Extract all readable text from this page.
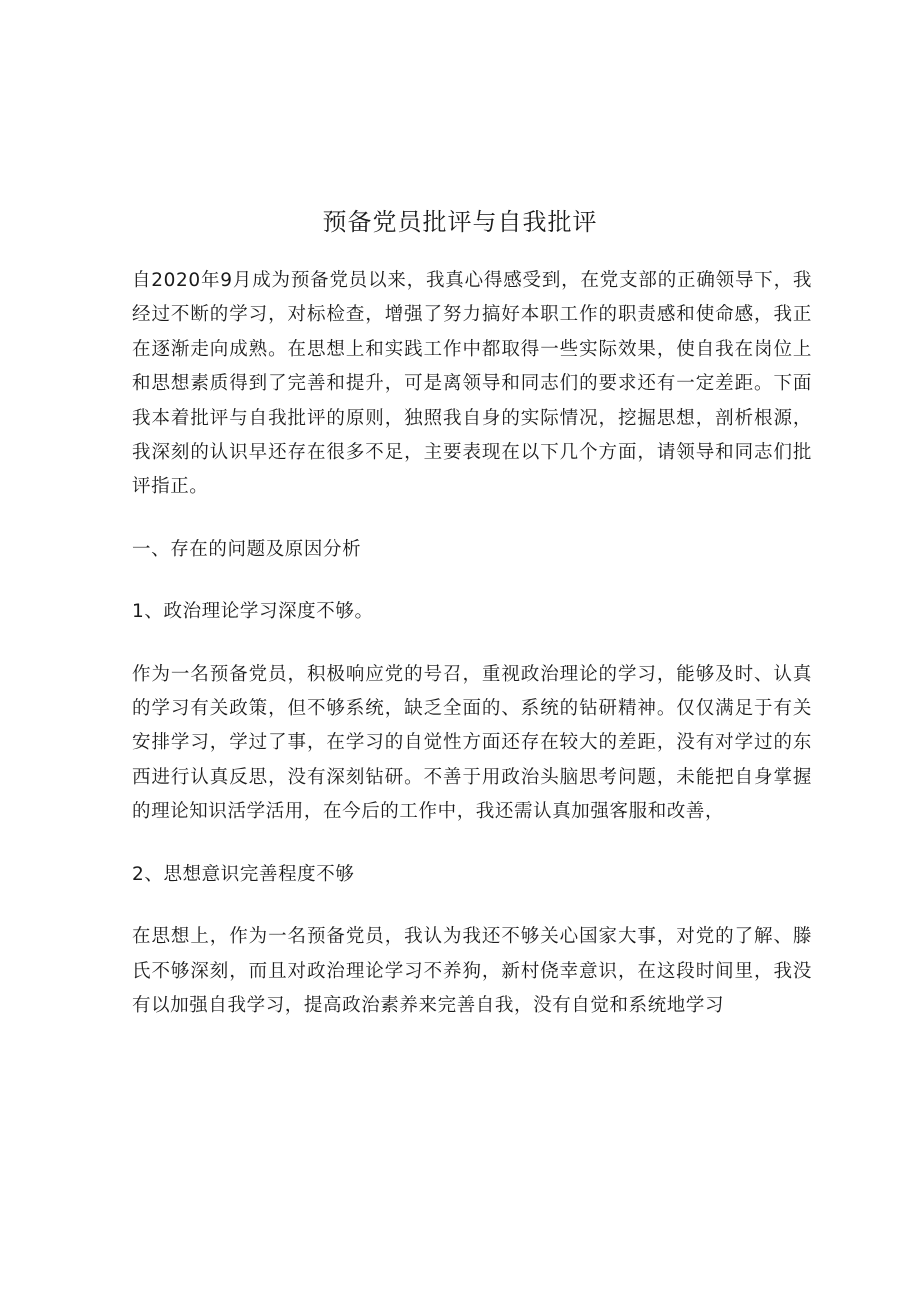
预备党员批评与自我批评

自2020年9月成为预备党员以来，我真心得感受到，在党支部的正确领导下，我经过不断的学习，对标检查，增强了努力搞好本职工作的职责感和使命感，我正在逐渐走向成熟。在思想上和实践工作中都取得一些实际效果，使自我在岗位上和思想素质得到了完善和提升，可是离领导和同志们的要求还有一定差距。下面我本着批评与自我批评的原则，独照我自身的实际情况，挖掘思想，剖析根源，我深刻的认识早还存在很多不足，主要表现在以下几个方面，请领导和同志们批评指正。

一、存在的问题及原因分析

1、政治理论学习深度不够。

作为一名预备党员，积极响应党的号召，重视政治理论的学习，能够及时、认真的学习有关政策，但不够系统，缺乏全面的、系统的钻研精神。仅仅满足于有关安排学习，学过了事，在学习的自觉性方面还存在较大的差距，没有对学过的东西进行认真反思，没有深刻钻研。不善于用政治头脑思考问题，未能把自身掌握的理论知识活学活用，在今后的工作中，我还需认真加强客服和改善，

2、思想意识完善程度不够

在思想上，作为一名预备党员，我认为我还不够关心国家大事，对党的了解、滕氏不够深刻，而且对政治理论学习不养狗，新村侥幸意识，在这段时间里，我没有以加强自我学习，提高政治素养来完善自我，没有自觉和系统地学习
